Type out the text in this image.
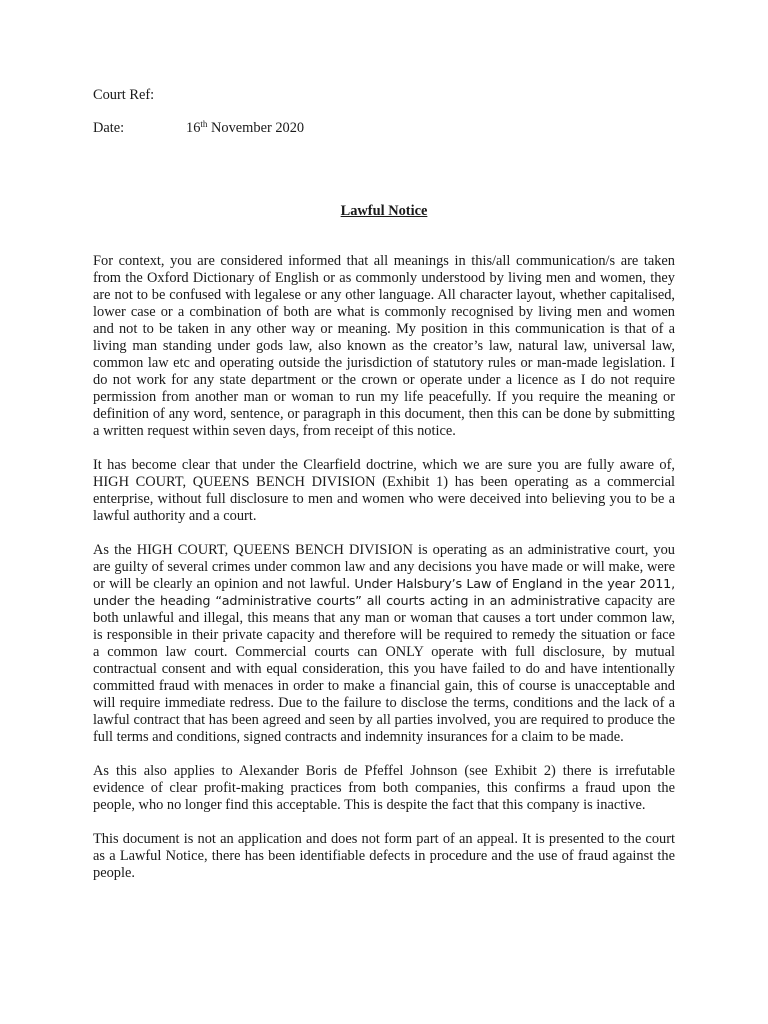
Court Ref:
Date:	16th November 2020
Lawful Notice

For context, you are considered informed that all meanings in this/all communication/s are taken from the Oxford Dictionary of English or as commonly understood by living men and women, they are not to be confused with legalese or any other language. All character layout, whether capitalised, lower case or a combination of both are what is commonly recognised by living men and women and not to be taken in any other way or meaning. My position in this communication is that of a living man standing under gods law, also known as the creator’s law, natural law, universal law, common law etc and operating outside the jurisdiction of statutory rules or man-made legislation. I do not work for any state department or the crown or operate under a licence as I do not require permission from another man or woman to run my life peacefully. If you require the meaning or definition of any word, sentence, or paragraph in this document, then this can be done by submitting a written request within seven days, from receipt of this notice.

It has become clear that under the Clearfield doctrine, which we are sure you are fully aware of, HIGH COURT, QUEENS BENCH DIVISION (Exhibit 1) has been operating as a commercial enterprise, without full disclosure to men and women who were deceived into believing you to be a lawful authority and a court.

As the HIGH COURT, QUEENS BENCH DIVISION is operating as an administrative court, you are guilty of several crimes under common law and any decisions you have made or will make, were or will be clearly an opinion and not lawful. Under Halsbury’s Law of England in the year 2011, under the heading “administrative courts” all courts acting in an administrative capacity are both unlawful and illegal, this means that any man or woman that causes a tort under common law, is responsible in their private capacity and therefore will be required to remedy the situation or face a common law court. Commercial courts can ONLY operate with full disclosure, by mutual contractual consent and with equal consideration, this you have failed to do and have intentionally committed fraud with menaces in order to make a financial gain, this of course is unacceptable and will require immediate redress. Due to the failure to disclose the terms, conditions and the lack of a lawful contract that has been agreed and seen by all parties involved, you are required to produce the full terms and conditions, signed contracts and indemnity insurances for a claim to be made.

As this also applies to Alexander Boris de Pfeffel Johnson (see Exhibit 2) there is irrefutable evidence of clear profit-making practices from both companies, this confirms a fraud upon the people, who no longer find this acceptable. This is despite the fact that this company is inactive.

This document is not an application and does not form part of an appeal. It is presented to the court as a Lawful Notice, there has been identifiable defects in procedure and the use of fraud against the people.
